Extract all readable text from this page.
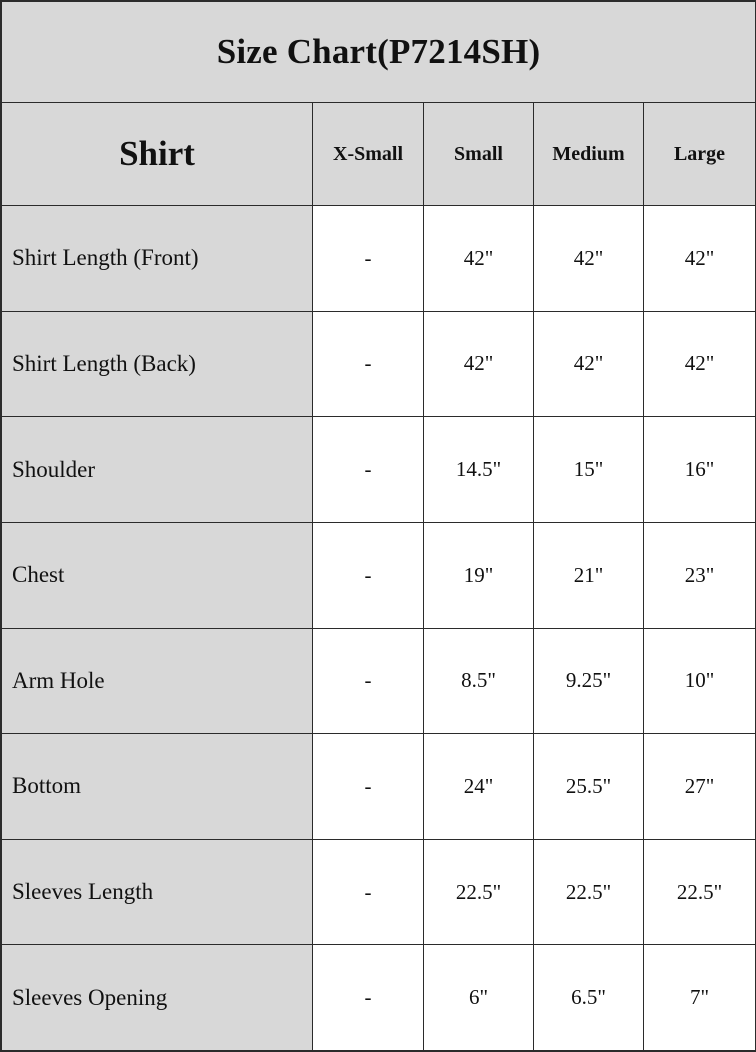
Size Chart(P7214SH)				
Shirt	X-Small	Small	Medium	Large
Shirt Length (Front)	-	42"	42"	42"
Shirt Length (Back)	-	42"	42"	42"
Shoulder	-	14.5"	15"	16"
Chest	-	19"	21"	23"
Arm Hole	-	8.5"	9.25"	10"
Bottom	-	24"	25.5"	27"
Sleeves Length	-	22.5"	22.5"	22.5"
Sleeves Opening	-	6"	6.5"	7"
